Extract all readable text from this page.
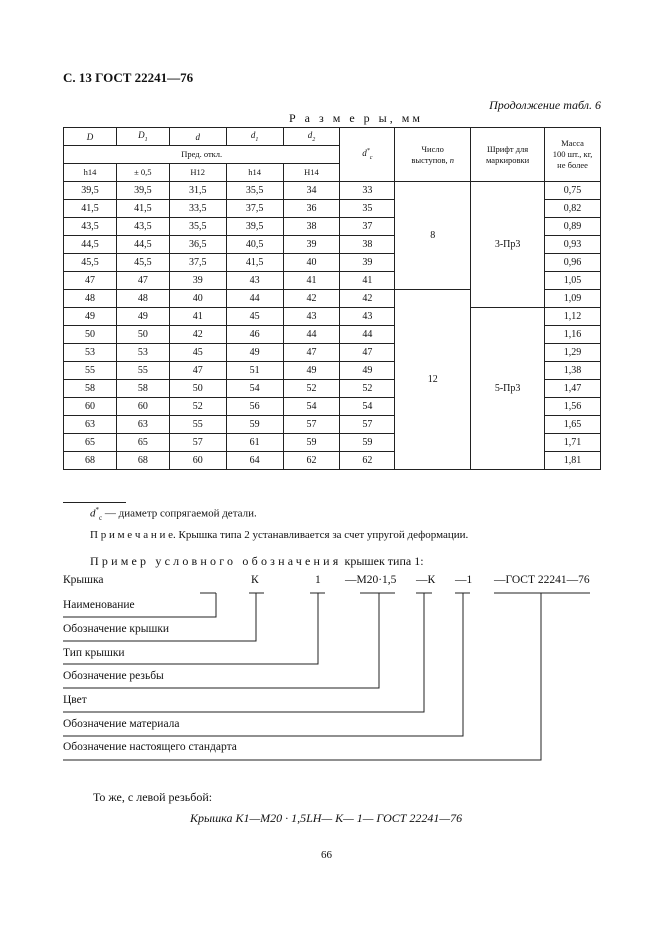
С. 13 ГОСТ 22241—76
Продолжение табл. 6
Р а з м е р ы, мм
D	$D_1$	d	$d_1$	$d_2$	$d^*_c$	Число
выступов, n	Шрифт для
маркировки	Масса
100 шт., кг,
не более
Пред. откл.								
h14	± 0,5	H12	h14	H14				
39,5	39,5	31,5	35,5	34	33	8	3-Пр3	0,75
41,5	41,5	33,5	37,5	36	35			0,82
43,5	43,5	35,5	39,5	38	37			0,89
44,5	44,5	36,5	40,5	39	38			0,93
45,5	45,5	37,5	41,5	40	39			0,96
47	47	39	43	41	41			1,05
48	48	40	44	42	42	12		1,09
49	49	41	45	43	43		5-Пр3	1,12
50	50	42	46	44	44			1,16
53	53	45	49	47	47			1,29
55	55	47	51	49	49			1,38
58	58	50	54	52	52			1,47
60	60	52	56	54	54			1,56
63	63	55	59	57	57			1,65
65	65	57	61	59	59			1,71
68	68	60	64	62	62			1,81
$d^*_c$ — диаметр сопрягаемой детали.
П р и м е ч а н и е. Крышка типа 2 устанавливается за счет упругой деформации.
Пример условного обозначения крышек типа 1:
Крышка	К	1 —М20·1,5 —К —1 —ГОСТ 22241—76
Наименование
Обозначение крышки
Тип крышки
Обозначение резьбы
Цвет
Обозначение материала
Обозначение настоящего стандарта
То же, с левой резьбой:
Крышка К1—М20 · 1,5LH— К— 1— ГОСТ 22241—76
66
